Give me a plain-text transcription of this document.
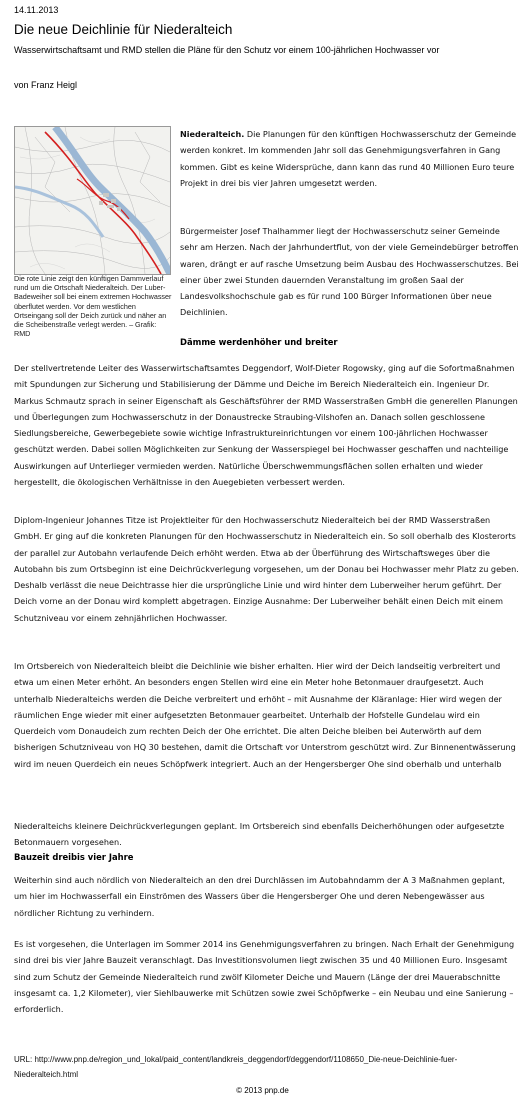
14.11.2013
Die neue Deichlinie für Niederalteich
Wasserwirtschaftsamt und RMD stellen die Pläne für den Schutz vor einem 100-jährlichen Hochwasser vor
von Franz Heigl
Die rote Linie zeigt den künftigen Dammverlauf rund um die Ortschaft Niederalteich. Der Luber-Badeweiher soll bei einem extremen Hochwasser überflutet werden. Vor dem westlichen Ortseingang soll der Deich zurück und näher an die Scheibenstraße verlegt werden. – Grafik: RMD
Niederalteich. Die Planungen für den künftigen Hochwasserschutz der Gemeinde werden konkret. Im kommenden Jahr soll das Genehmigungsverfahren in Gang kommen. Gibt es keine Widersprüche, dann kann das rund 40 Millionen Euro teure Projekt in drei bis vier Jahren umgesetzt werden.
Bürgermeister Josef Thalhammer liegt der Hochwasserschutz seiner Gemeinde sehr am Herzen. Nach der Jahrhundertflut, von der viele Gemeindebürger betroffen waren, drängt er auf rasche Umsetzung beim Ausbau des Hochwasserschutzes. Bei einer über zwei Stunden dauernden Veranstaltung im großen Saal der Landesvolkshochschule gab es für rund 100 Bürger Informationen über neue Deichlinien.
Dämme werdenhöher und breiter
Der stellvertretende Leiter des Wasserwirtschaftsamtes Deggendorf, Wolf-Dieter Rogowsky, ging auf die Sofortmaßnahmen mit Spundungen zur Sicherung und Stabilisierung der Dämme und Deiche im Bereich Niederalteich ein. Ingenieur Dr. Markus Schmautz sprach in seiner Eigenschaft als Geschäftsführer der RMD Wasserstraßen GmbH die generellen Planungen und Überlegungen zum Hochwasserschutz in der Donaustrecke Straubing-Vilshofen an. Danach sollen geschlossene Siedlungsbereiche, Gewerbegebiete sowie wichtige Infrastruktureinrichtungen vor einem 100-jährlichen Hochwasser geschützt werden. Dabei sollen Möglichkeiten zur Senkung der Wasserspiegel bei Hochwasser geschaffen und nachteilige Auswirkungen auf Unterlieger vermieden werden. Natürliche Überschwemmungsflächen sollen erhalten und wieder hergestellt, die ökologischen Verhältnisse in den Auegebieten verbessert werden.
Diplom-Ingenieur Johannes Titze ist Projektleiter für den Hochwasserschutz Niederalteich bei der RMD Wasserstraßen GmbH. Er ging auf die konkreten Planungen für den Hochwasserschutz in Niederalteich ein. So soll oberhalb des Klosterorts der parallel zur Autobahn verlaufende Deich erhöht werden. Etwa ab der Überführung des Wirtschaftsweges über die Autobahn bis zum Ortsbeginn ist eine Deichrückverlegung vorgesehen, um der Donau bei Hochwasser mehr Platz zu geben. Deshalb verlässt die neue Deichtrasse hier die ursprüngliche Linie und wird hinter dem Luberweiher herum geführt. Der Deich vorne an der Donau wird komplett abgetragen. Einzige Ausnahme: Der Luberweiher behält einen Deich mit einem Schutzniveau vor einem zehnjährlichen Hochwasser.
Im Ortsbereich von Niederalteich bleibt die Deichlinie wie bisher erhalten. Hier wird der Deich landseitig verbreitert und etwa um einen Meter erhöht. An besonders engen Stellen wird eine ein Meter hohe Betonmauer draufgesetzt. Auch unterhalb Niederalteichs werden die Deiche verbreitert und erhöht – mit Ausnahme der Kläranlage: Hier wird wegen der räumlichen Enge wieder mit einer aufgesetzten Betonmauer gearbeitet. Unterhalb der Hofstelle Gundelau wird ein Querdeich vom Donaudeich zum rechten Deich der Ohe errichtet. Die alten Deiche bleiben bei Auterwörth auf dem bisherigen Schutzniveau von HQ 30 bestehen, damit die Ortschaft vor Unterstrom geschützt wird. Zur Binnenentwässerung wird im neuen Querdeich ein neues Schöpfwerk integriert. Auch an der Hengersberger Ohe sind oberhalb und unterhalb
Niederalteichs kleinere Deichrückverlegungen geplant. Im Ortsbereich sind ebenfalls Deicherhöhungen oder aufgesetzte Betonmauern vorgesehen.
Bauzeit dreibis vier Jahre
Weiterhin sind auch nördlich von Niederalteich an den drei Durchlässen im Autobahndamm der A 3 Maßnahmen geplant, um hier im Hochwasserfall ein Einströmen des Wassers über die Hengersberger Ohe und deren Nebengewässer aus nördlicher Richtung zu verhindern.
Es ist vorgesehen, die Unterlagen im Sommer 2014 ins Genehmigungsverfahren zu bringen. Nach Erhalt der Genehmigung sind drei bis vier Jahre Bauzeit veranschlagt. Das Investitionsvolumen liegt zwischen 35 und 40 Millionen Euro. Insgesamt sind zum Schutz der Gemeinde Niederalteich rund zwölf Kilometer Deiche und Mauern (Länge der drei Mauerabschnitte insgesamt ca. 1,2 Kilometer), vier Siehlbauwerke mit Schützen sowie zwei Schöpfwerke – ein Neubau und eine Sanierung – erforderlich.
URL: http://www.pnp.de/region_und_lokal/paid_content/landkreis_deggendorf/deggendorf/1108650_Die-neue-Deichlinie-fuer-Niederalteich.html
© 2013 pnp.de
